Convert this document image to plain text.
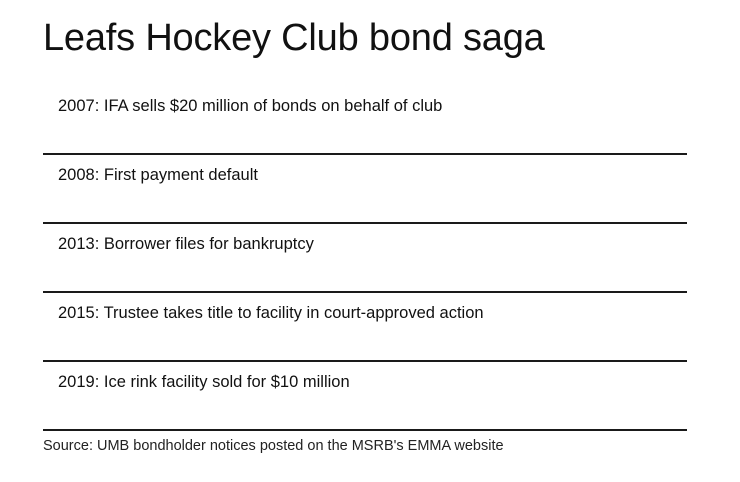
Leafs Hockey Club bond saga
2007: IFA sells $20 million of bonds on behalf of club
2008: First payment default
2013: Borrower files for bankruptcy
2015: Trustee takes title to facility in court-approved action
2019: Ice rink facility sold for $10 million
Source: UMB bondholder notices posted on the MSRB's EMMA website
